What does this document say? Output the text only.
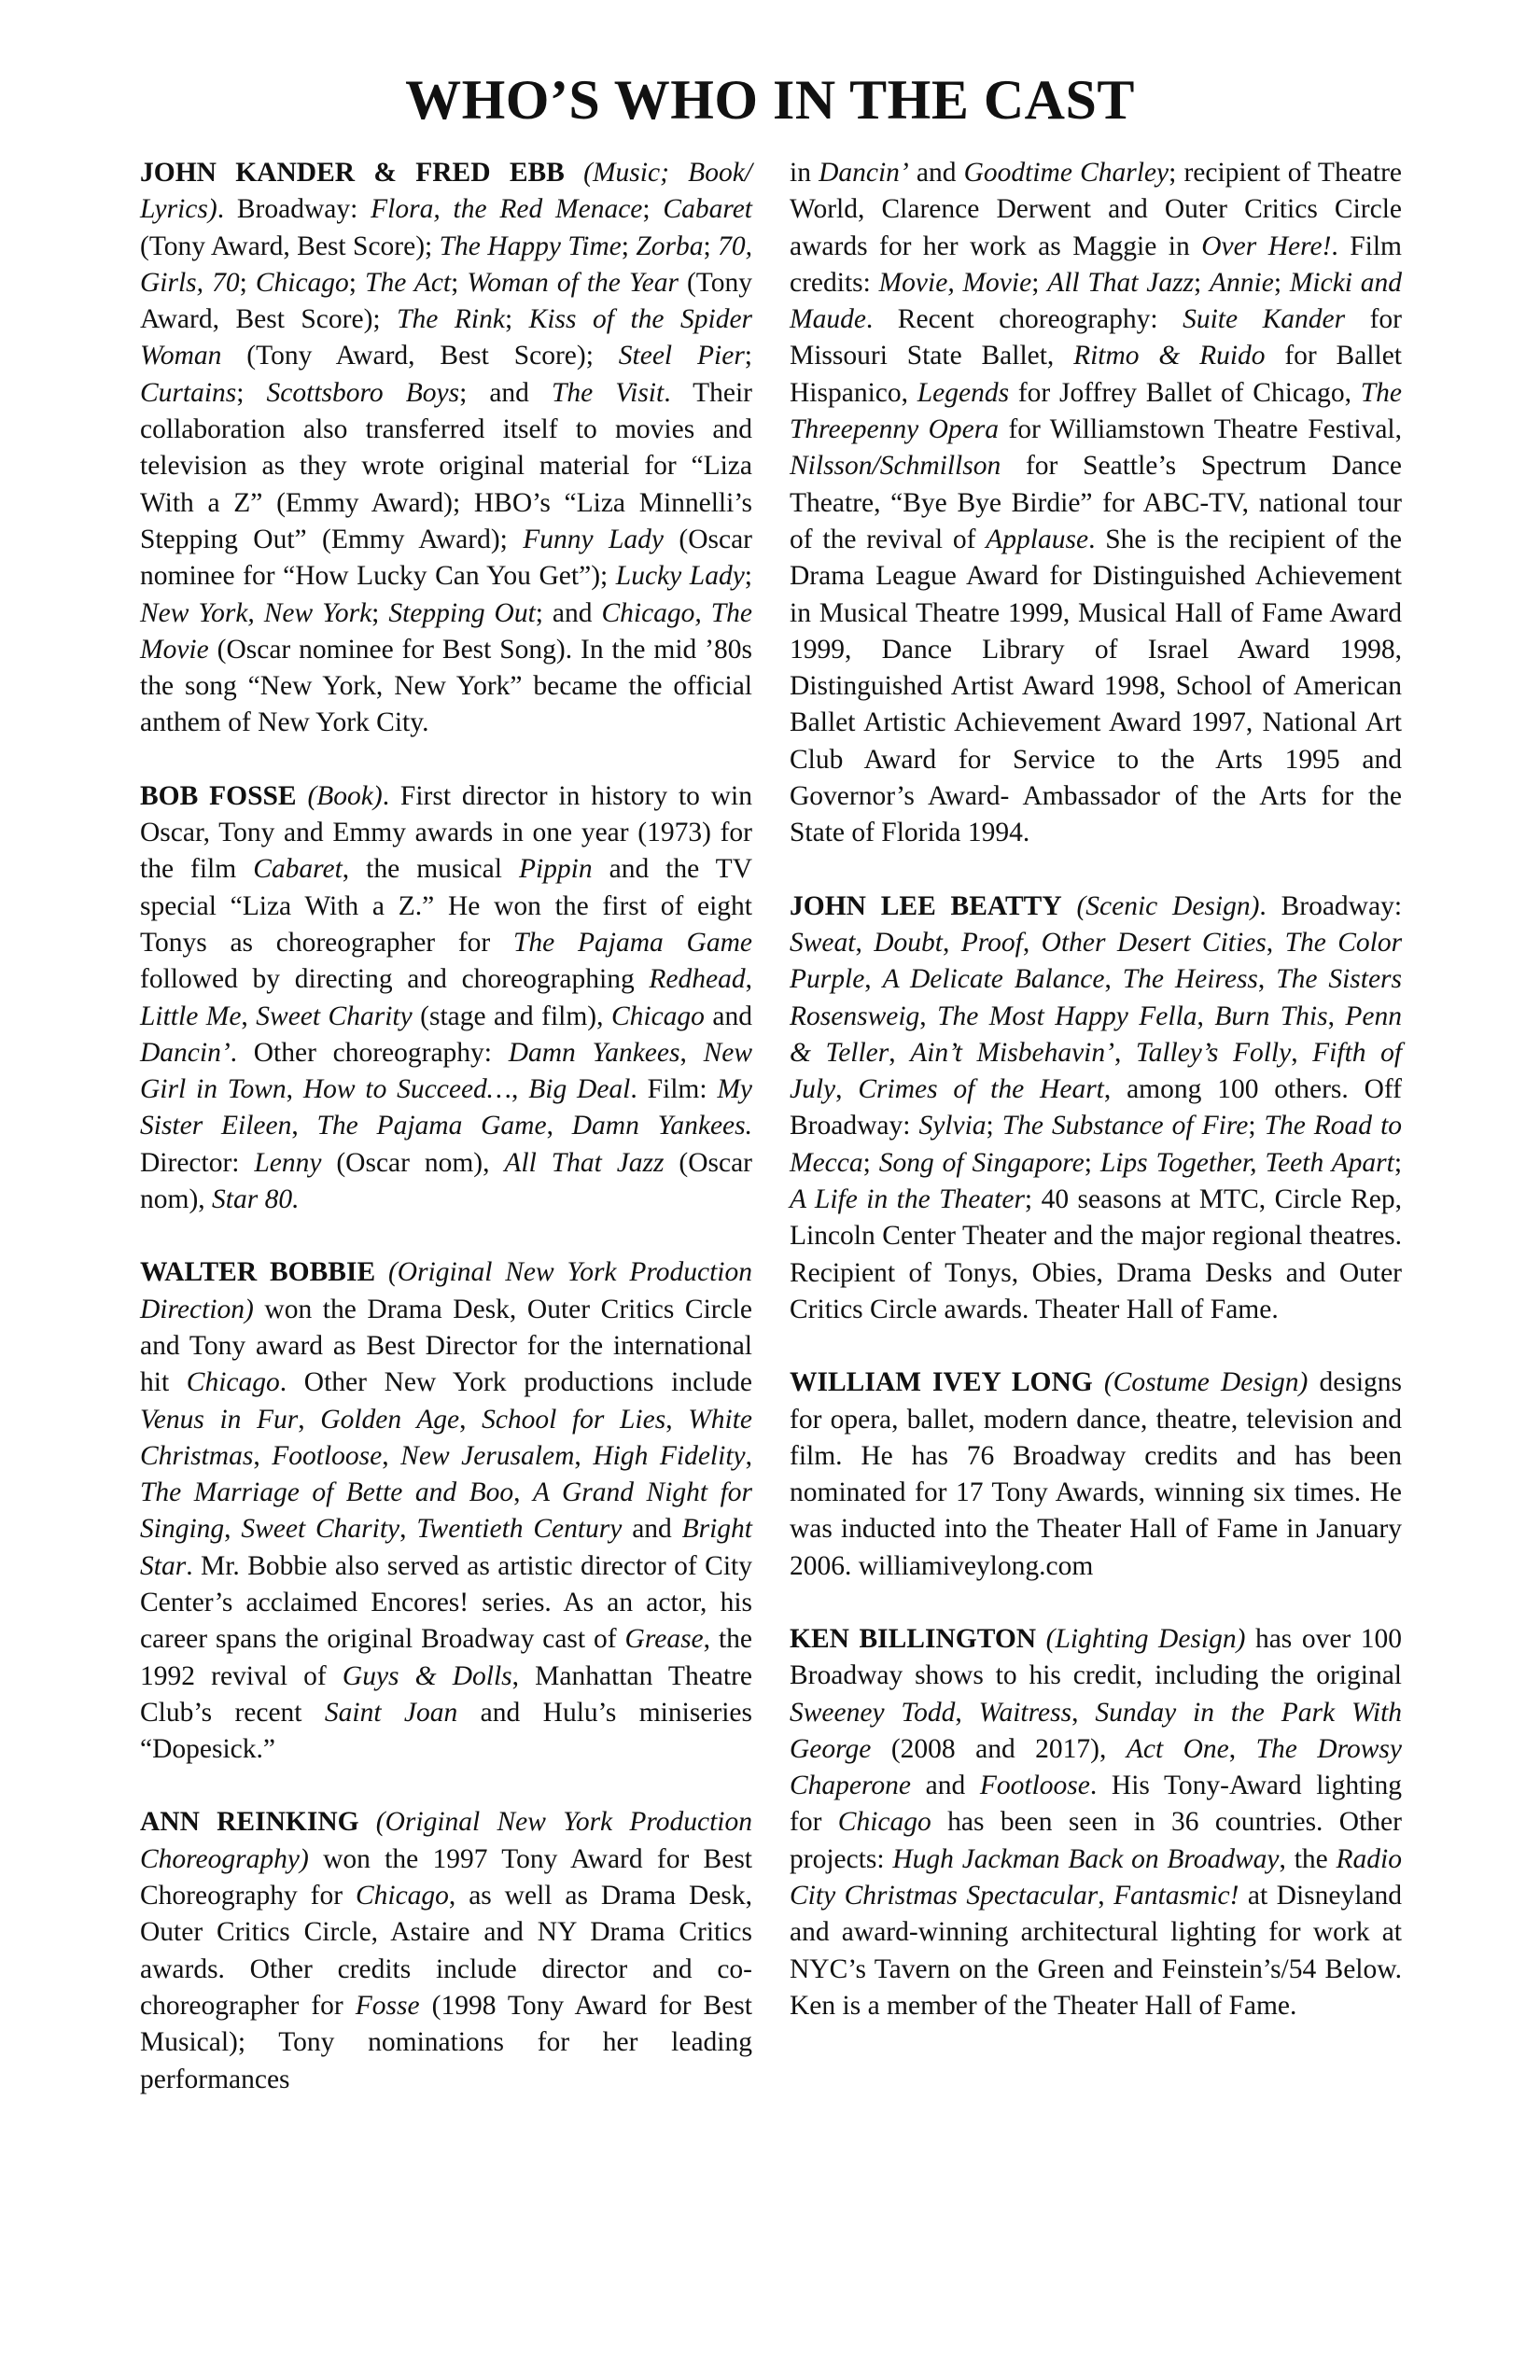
WHO’S WHO IN THE CAST

JOHN KANDER & FRED EBB (Music; Book/ Lyrics). Broadway: Flora, the Red Menace; Cabaret (Tony Award, Best Score); The Happy Time; Zorba; 70, Girls, 70; Chicago; The Act; Woman of the Year (Tony Award, Best Score); The Rink; Kiss of the Spider Woman (Tony Award, Best Score); Steel Pier; Curtains; Scottsboro Boys; and The Visit. Their collaboration also transferred itself to movies and television as they wrote original material for “Liza With a Z” (Emmy Award); HBO’s “Liza Minnelli’s Stepping Out” (Emmy Award); Funny Lady (Oscar nominee for “How Lucky Can You Get”); Lucky Lady; New York, New York; Stepping Out; and Chicago, The Movie (Oscar nominee for Best Song). In the mid ’80s the song “New York, New York” became the official anthem of New York City.

BOB FOSSE (Book). First director in history to win Oscar, Tony and Emmy awards in one year (1973) for the film Cabaret, the musical Pippin and the TV special “Liza With a Z.” He won the first of eight Tonys as choreographer for The Pajama Game followed by directing and choreographing Redhead, Little Me, Sweet Charity (stage and film), Chicago and Dancin’. Other choreography: Damn Yankees, New Girl in Town, How to Succeed…, Big Deal. Film: My Sister Eileen, The Pajama Game, Damn Yankees. Director: Lenny (Oscar nom), All That Jazz (Oscar nom), Star 80.

WALTER BOBBIE (Original New York Production Direction) won the Drama Desk, Outer Critics Circle and Tony award as Best Director for the international hit Chicago. Other New York productions include Venus in Fur, Golden Age, School for Lies, White Christmas, Footloose, New Jerusalem, High Fidelity, The Marriage of Bette and Boo, A Grand Night for Singing, Sweet Charity, Twentieth Century and Bright Star. Mr. Bobbie also served as artistic director of City Center’s acclaimed Encores! series. As an actor, his career spans the original Broadway cast of Grease, the 1992 revival of Guys & Dolls, Manhattan Theatre Club’s recent Saint Joan and Hulu’s miniseries “Dopesick.”

ANN REINKING (Original New York Production Choreography) won the 1997 Tony Award for Best Choreography for Chicago, as well as Drama Desk, Outer Critics Circle, Astaire and NY Drama Critics awards. Other credits include director and co-choreographer for Fosse (1998 Tony Award for Best Musical); Tony nominations for her leading performances

in Dancin’ and Goodtime Charley; recipient of Theatre World, Clarence Derwent and Outer Critics Circle awards for her work as Maggie in Over Here!. Film credits: Movie, Movie; All That Jazz; Annie; Micki and Maude. Recent choreography: Suite Kander for Missouri State Ballet, Ritmo & Ruido for Ballet Hispanico, Legends for Joffrey Ballet of Chicago, The Threepenny Opera for Williamstown Theatre Festival, Nilsson/Schmillson for Seattle’s Spectrum Dance Theatre, “Bye Bye Birdie” for ABC-TV, national tour of the revival of Applause. She is the recipient of the Drama League Award for Distinguished Achievement in Musical Theatre 1999, Musical Hall of Fame Award 1999, Dance Library of Israel Award 1998, Distinguished Artist Award 1998, School of American Ballet Artistic Achievement Award 1997, National Art Club Award for Service to the Arts 1995 and Governor’s Award- Ambassador of the Arts for the State of Florida 1994.

JOHN LEE BEATTY (Scenic Design). Broadway: Sweat, Doubt, Proof, Other Desert Cities, The Color Purple, A Delicate Balance, The Heiress, The Sisters Rosensweig, The Most Happy Fella, Burn This, Penn & Teller, Ain’t Misbehavin’, Talley’s Folly, Fifth of July, Crimes of the Heart, among 100 others. Off Broadway: Sylvia; The Substance of Fire; The Road to Mecca; Song of Singapore; Lips Together, Teeth Apart; A Life in the Theater; 40 seasons at MTC, Circle Rep, Lincoln Center Theater and the major regional theatres. Recipient of Tonys, Obies, Drama Desks and Outer Critics Circle awards. Theater Hall of Fame.

WILLIAM IVEY LONG (Costume Design) designs for opera, ballet, modern dance, theatre, television and film. He has 76 Broadway credits and has been nominated for 17 Tony Awards, winning six times. He was inducted into the Theater Hall of Fame in January 2006. williamiveylong.com

KEN BILLINGTON (Lighting Design) has over 100 Broadway shows to his credit, including the original Sweeney Todd, Waitress, Sunday in the Park With George (2008 and 2017), Act One, The Drowsy Chaperone and Footloose. His Tony-Award lighting for Chicago has been seen in 36 countries. Other projects: Hugh Jackman Back on Broadway, the Radio City Christmas Spectacular, Fantasmic! at Disneyland and award-winning architectural lighting for work at NYC’s Tavern on the Green and Feinstein’s/54 Below. Ken is a member of the Theater Hall of Fame.
